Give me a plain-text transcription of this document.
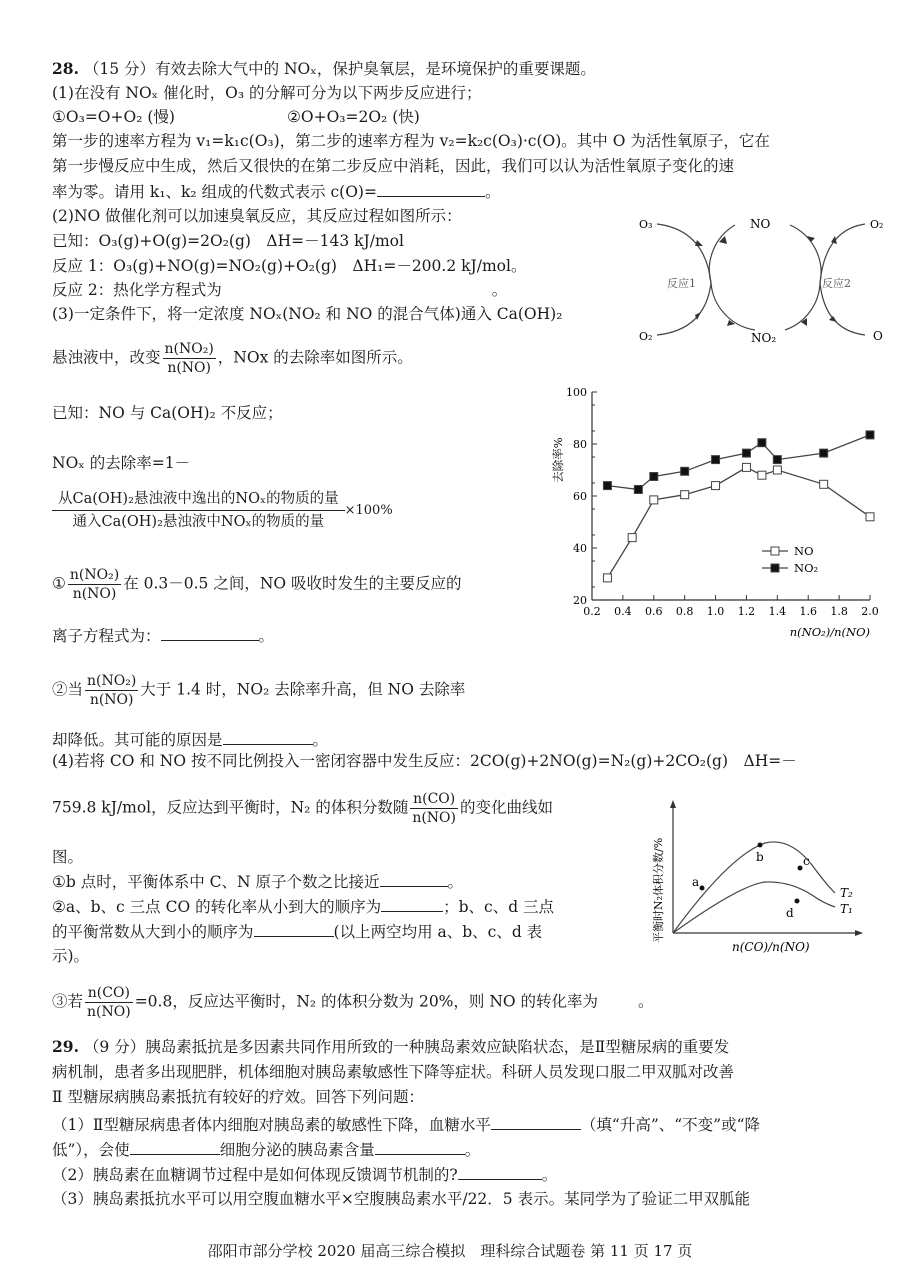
28. （15 分）有效去除大气中的 NOₓ，保护臭氧层，是环境保护的重要课题。
(1)在没有 NOₓ 催化时，O₃ 的分解可分为以下两步反应进行；
①O₃=O+O₂ (慢)	②O+O₃=2O₂ (快)
第一步的速率方程为 v₁=k₁c(O₃)，第二步的速率方程为 v₂=k₂c(O₃)·c(O)。其中 O 为活性氧原子，它在
第一步慢反应中生成，然后又很快的在第二步反应中消耗，因此，我们可以认为活性氧原子变化的速
率为零。请用 k₁、k₂ 组成的代数式表示 c(O)=	。
(2)NO 做催化剂可以加速臭氧反应，其反应过程如图所示：
已知：O₃(g)+O(g)=2O₂(g)　ΔH=－143 kJ/mol
反应 1：O₃(g)+NO(g)=NO₂(g)+O₂(g)　ΔH₁=－200.2 kJ/mol。
反应 2：热化学方程式为	。
(3)一定条件下，将一定浓度 NOₓ(NO₂ 和 NO 的混合气体)通入 Ca(OH)₂
悬浊液中，改变 $\frac{\text{n(NO₂)}}{n(NO)}$ ，NOx 的去除率如图所示。
O₃	NO	O₂
O₂	NO₂	O
反应1	反应2
已知：NO 与 Ca(OH)₂ 不反应；
NOₓ 的去除率=1－
$\frac{\text{从Ca(OH)₂悬浊液中逸出的NOₓ的物质的量}}{\text{通入Ca(OH)₂悬浊液中NOₓ的物质的量}} \times 100\%$
① $\frac{\text{n(NO₂)}}{n(NO)}$ 在 0.3－0.5 之间，NO 吸收时发生的主要反应的
离子方程式为：	。
②当 $\frac{\text{n(NO₂)}}{n(NO)}$ 大于 1.4 时，NO₂ 去除率升高，但 NO 去除率
却降低。其可能的原因是	。
20
40
60
80
100
0.2 0.4 0.6 0.8 1.0 1.2 1.4 1.6 1.8 2.0
n(NO₂)/n(NO)
去除率%
NO
NO₂
(4)若将 CO 和 NO 按不同比例投入一密闭容器中发生反应：2CO(g)+2NO(g)=N₂(g)+2CO₂(g)　ΔH=－
759.8 kJ/mol，反应达到平衡时，N₂ 的体积分数随 $\frac{n(CO)}{n(NO)}$ 的变化曲线如
图。
①b 点时，平衡体系中 C、N 原子个数之比接近	。
②a、b、c 三点 CO 的转化率从小到大的顺序为	；b、c、d 三点
的平衡常数从大到小的顺序为	(以上两空均用 a、b、c、d 表
示)。
③若 $\frac{n(CO)}{n(NO)} =0.8$，反应达平衡时，N₂ 的体积分数为 20%，则 NO 的转化率为	。
a
b	c
d
T₂
T₁
n(CO)/n(NO)
平衡时N₂体积分数/%
29. （9 分）胰岛素抵抗是多因素共同作用所致的一种胰岛素效应缺陷状态，是Ⅱ型糖尿病的重要发
病机制，患者多出现肥胖，机体细胞对胰岛素敏感性下降等症状。科研人员发现口服二甲双胍对改善
Ⅱ 型糖尿病胰岛素抵抗有较好的疗效。回答下列问题：
（1）Ⅱ型糖尿病患者体内细胞对胰岛素的敏感性下降，血糖水平	（填“升高”、“不变”或“降
低”），会使	细胞分泌的胰岛素含量	。
（2）胰岛素在血糖调节过程中是如何体现反馈调节机制的?	。
（3）胰岛素抵抗水平可以用空腹血糖水平×空腹胰岛素水平/22．5 表示。某同学为了验证二甲双胍能
邵阳市部分学校 2020 届高三综合模拟　理科综合试题卷 第 11 页 17 页
